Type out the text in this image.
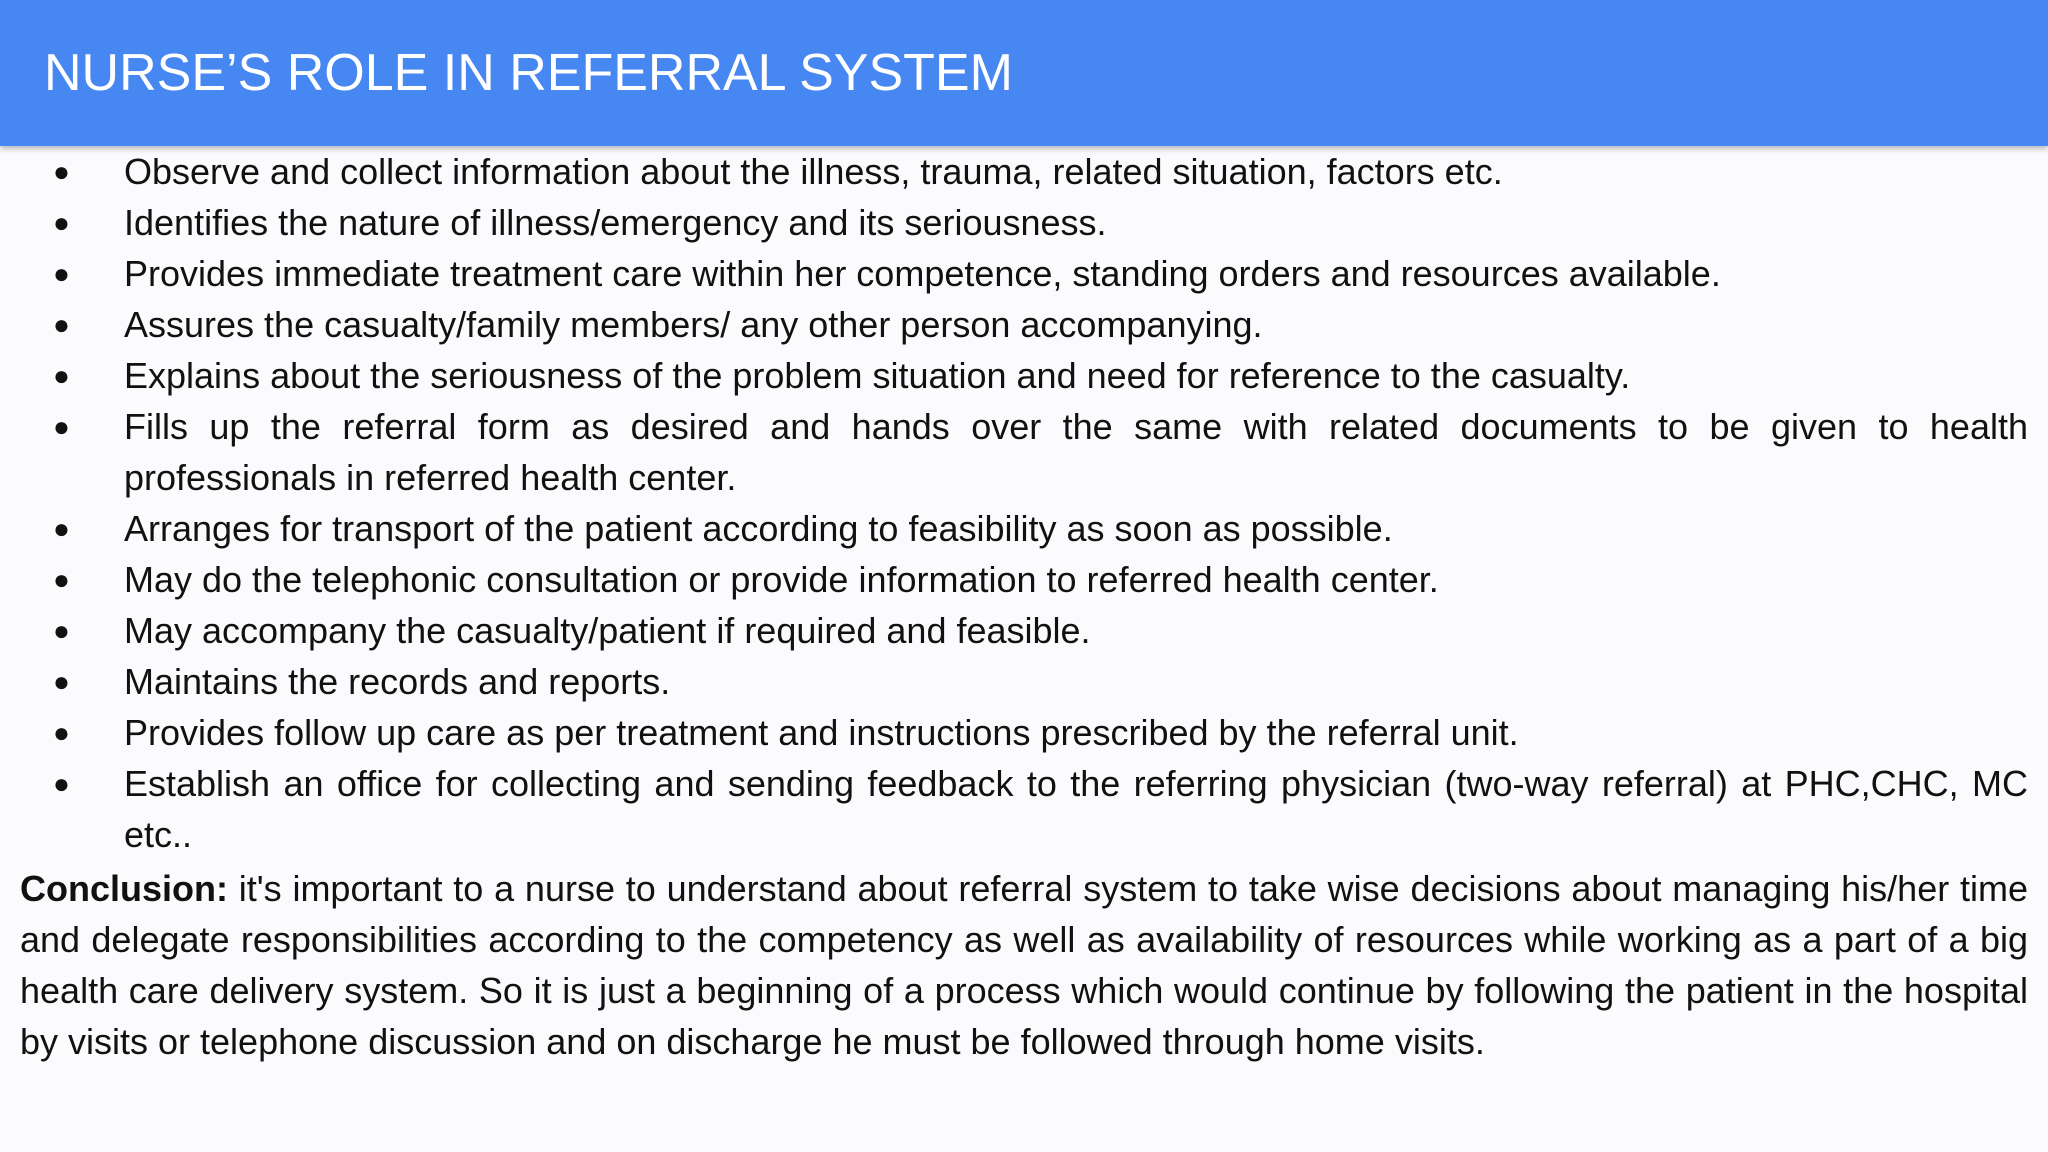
NURSE’S ROLE IN REFERRAL SYSTEM
● Observe and collect information about the illness, trauma, related situation, factors etc.
● Identifies the nature of illness/emergency and its seriousness.
● Provides immediate treatment care within her competence, standing orders and resources available.
● Assures the casualty/family members/ any other person accompanying.
● Explains about the seriousness of the problem situation and need for reference to the casualty.
● Fills up the referral form as desired and hands over the same with related documents to be given to health professionals in referred health center.
● Arranges for transport of the patient according to feasibility as soon as possible.
● May do the telephonic consultation or provide information to referred health center.
● May accompany the casualty/patient if required and feasible.
● Maintains the records and reports.
● Provides follow up care as per treatment and instructions prescribed by the referral unit.
● Establish an office for collecting and sending feedback to the referring physician (two-way referral) at PHC,CHC, MC etc..

Conclusion: it's important to a nurse to understand about referral system to take wise decisions about managing his/her time and delegate responsibilities according to the competency as well as availability of resources while working as a part of a big health care delivery system. So it is just a beginning of a process which would continue by following the patient in the hospital by visits or telephone discussion and on discharge he must be followed through home visits.
